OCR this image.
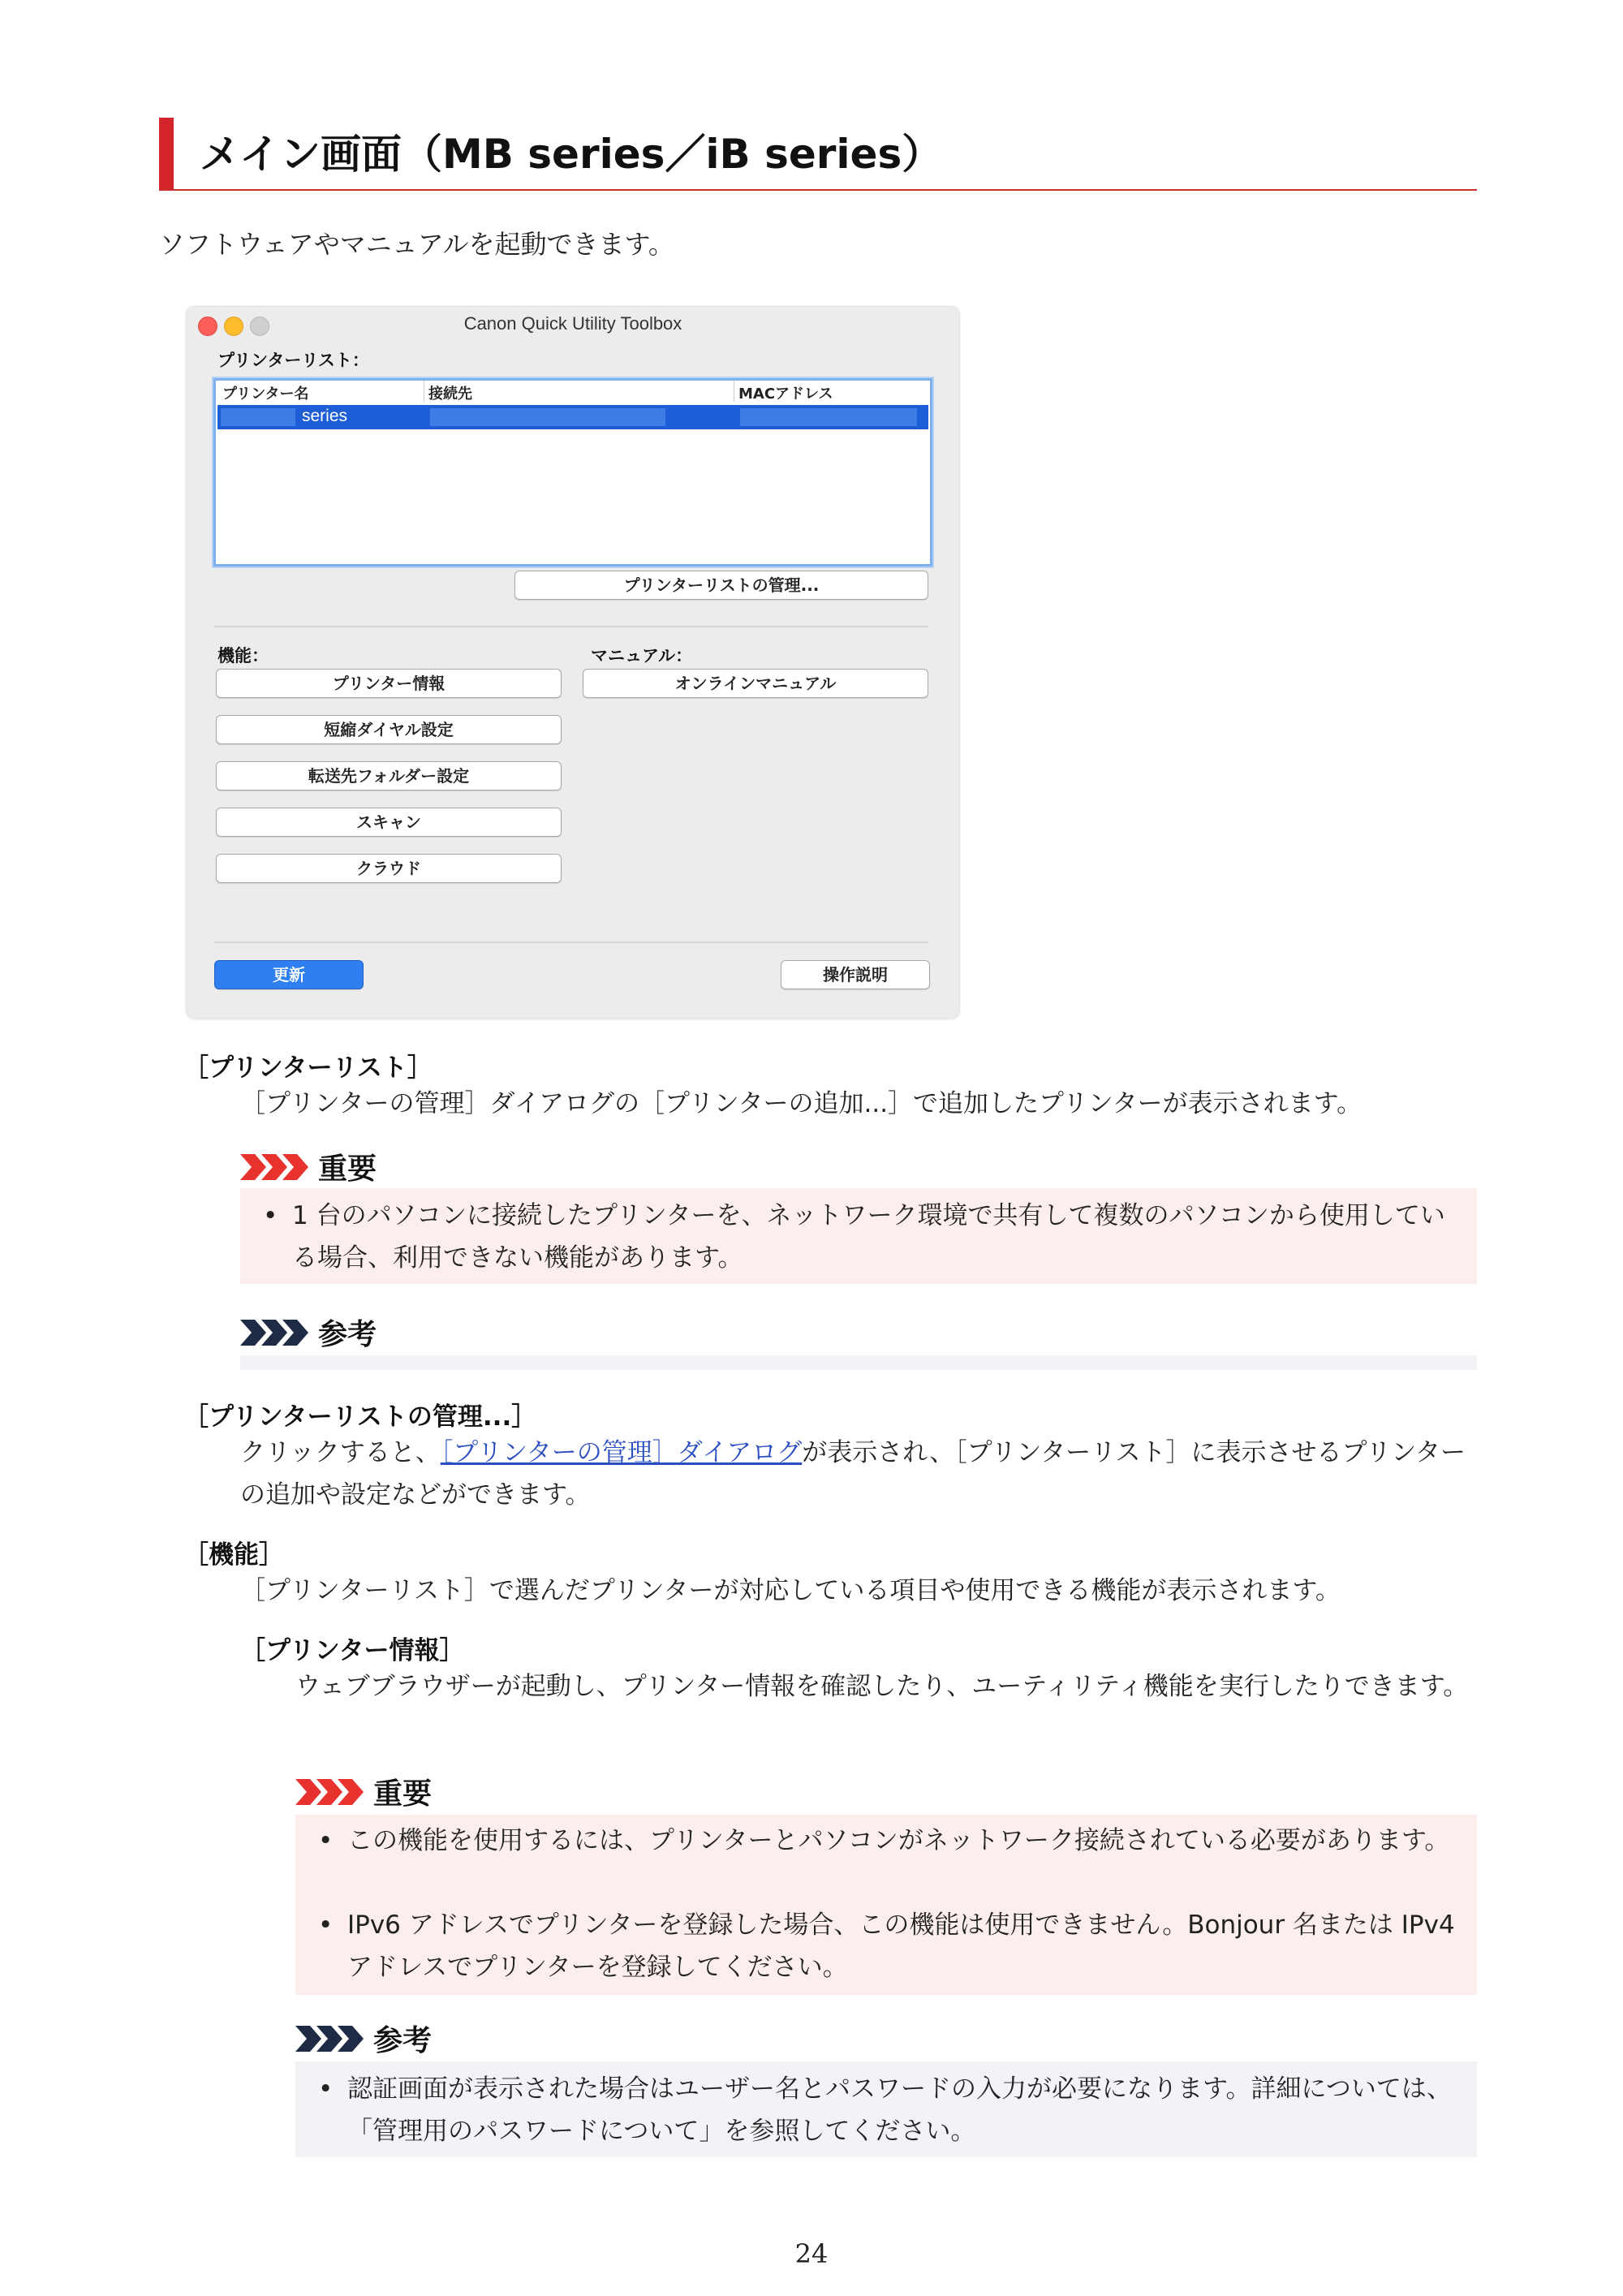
メイン画面（MB series／iB series）
ソフトウェアやマニュアルを起動できます。
Canon Quick Utility Toolbox
プリンターリスト：
プリンター名	接続先	MACアドレス
series
プリンターリストの管理...
機能：	マニュアル：
プリンター情報	オンラインマニュアル
短縮ダイヤル設定
転送先フォルダー設定
スキャン
クラウド
更新	操作説明
［プリンターリスト］
［プリンターの管理］ダイアログの［プリンターの追加...］で追加したプリンターが表示されます。
重要
• 1 台のパソコンに接続したプリンターを、ネットワーク環境で共有して複数のパソコンから使用している場合、利用できない機能があります。
参考
［プリンターリストの管理...］
クリックすると、［プリンターの管理］ダイアログが表示され、［プリンターリスト］に表示させるプリンターの追加や設定などができます。
［機能］
［プリンターリスト］で選んだプリンターが対応している項目や使用できる機能が表示されます。
［プリンター情報］
ウェブブラウザーが起動し、プリンター情報を確認したり、ユーティリティ機能を実行したりできます。
重要
• この機能を使用するには、プリンターとパソコンがネットワーク接続されている必要があります。
• IPv6 アドレスでプリンターを登録した場合、この機能は使用できません。Bonjour 名または IPv4 アドレスでプリンターを登録してください。
参考
• 認証画面が表示された場合はユーザー名とパスワードの入力が必要になります。詳細については、「管理用のパスワードについて」を参照してください。
24
